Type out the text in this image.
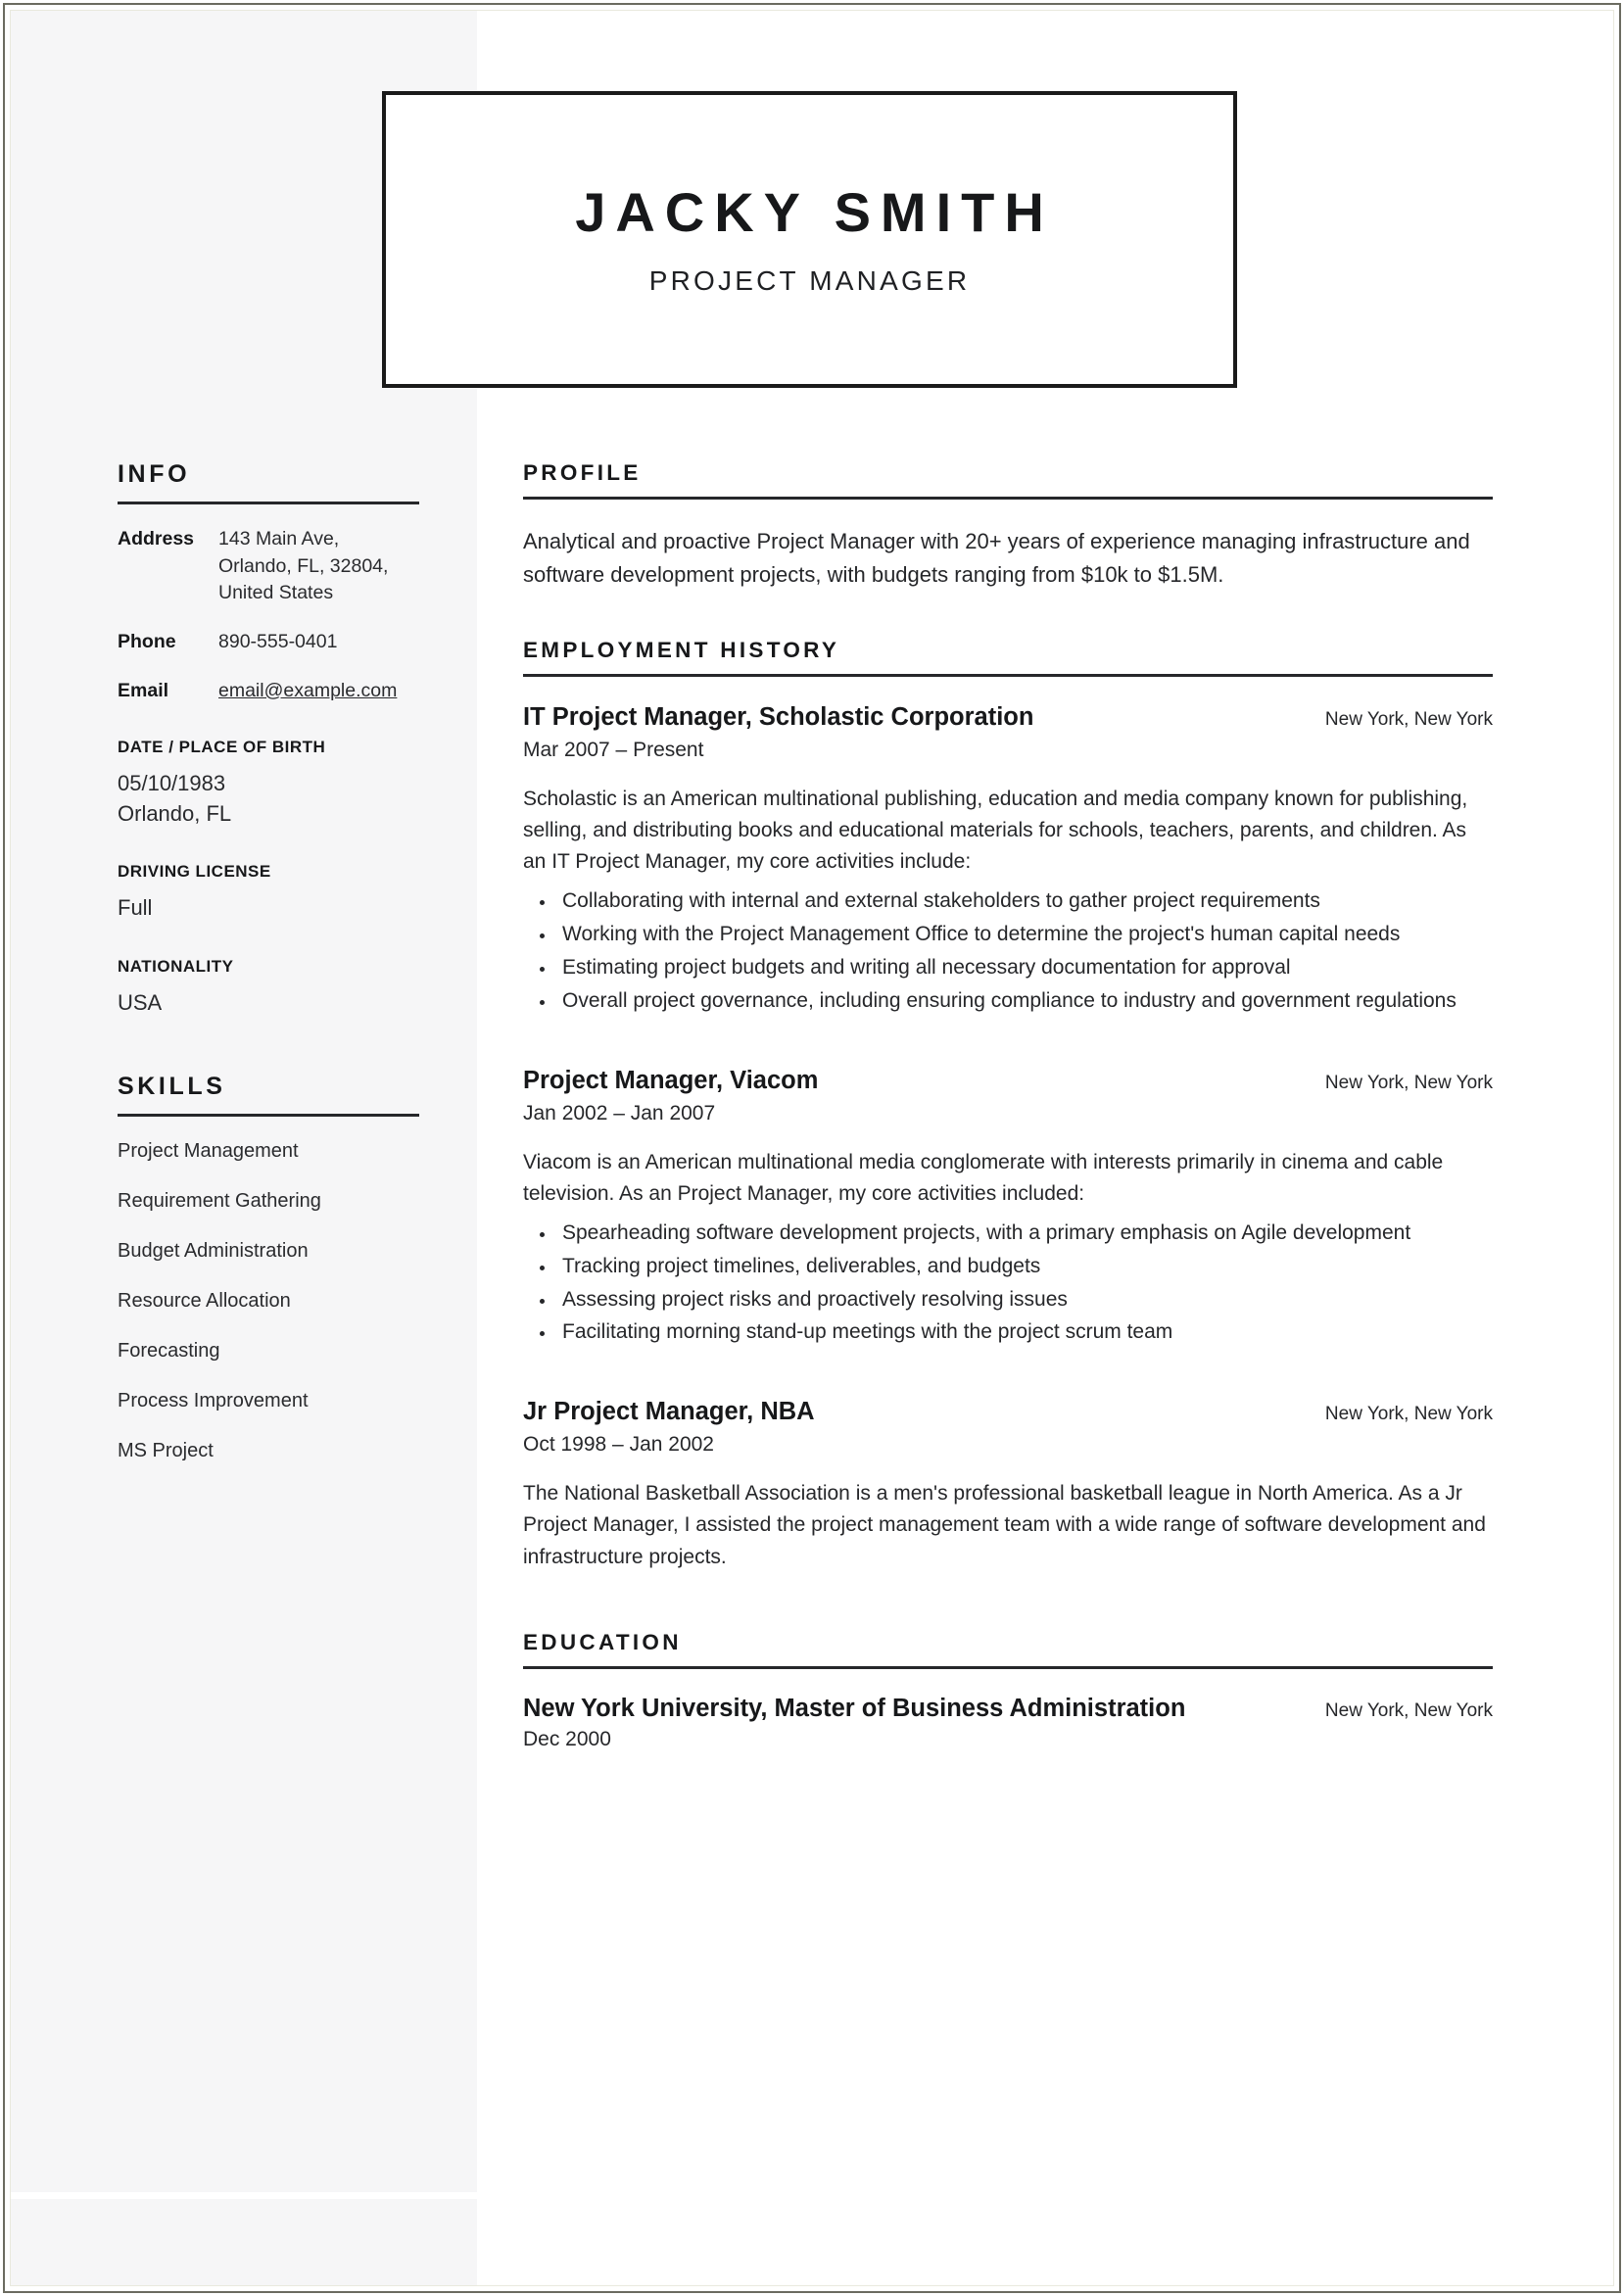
JACKY SMITH
PROJECT MANAGER
INFO
Address	143 Main Ave,
Orlando, FL, 32804,
United States
Phone	890-555-0401
Email	email@example.com
DATE / PLACE OF BIRTH
05/10/1983
Orlando, FL
DRIVING LICENSE
Full
NATIONALITY
USA
SKILLS
Project Management
Requirement Gathering
Budget Administration
Resource Allocation
Forecasting
Process Improvement
MS Project
PROFILE
Analytical and proactive Project Manager with 20+ years of experience managing infrastructure and software development projects, with budgets ranging from $10k to $1.5M.
EMPLOYMENT HISTORY
IT Project Manager, Scholastic Corporation	New York, New York
Mar 2007 – Present
Scholastic is an American multinational publishing, education and media company known for publishing, selling, and distributing books and educational materials for schools, teachers, parents, and children. As an IT Project Manager, my core activities include:
• Collaborating with internal and external stakeholders to gather project requirements
• Working with the Project Management Office to determine the project's human capital needs
• Estimating project budgets and writing all necessary documentation for approval
• Overall project governance, including ensuring compliance to industry and government regulations
Project Manager, Viacom	New York, New York
Jan 2002 – Jan 2007
Viacom is an American multinational media conglomerate with interests primarily in cinema and cable television. As an Project Manager, my core activities included:
• Spearheading software development projects, with a primary emphasis on Agile development
• Tracking project timelines, deliverables, and budgets
• Assessing project risks and proactively resolving issues
• Facilitating morning stand-up meetings with the project scrum team
Jr Project Manager, NBA	New York, New York
Oct 1998 – Jan 2002
The National Basketball Association is a men's professional basketball league in North America. As a Jr Project Manager, I assisted the project management team with a wide range of software development and infrastructure projects.
EDUCATION
New York University, Master of Business Administration	New York, New York
Dec 2000
